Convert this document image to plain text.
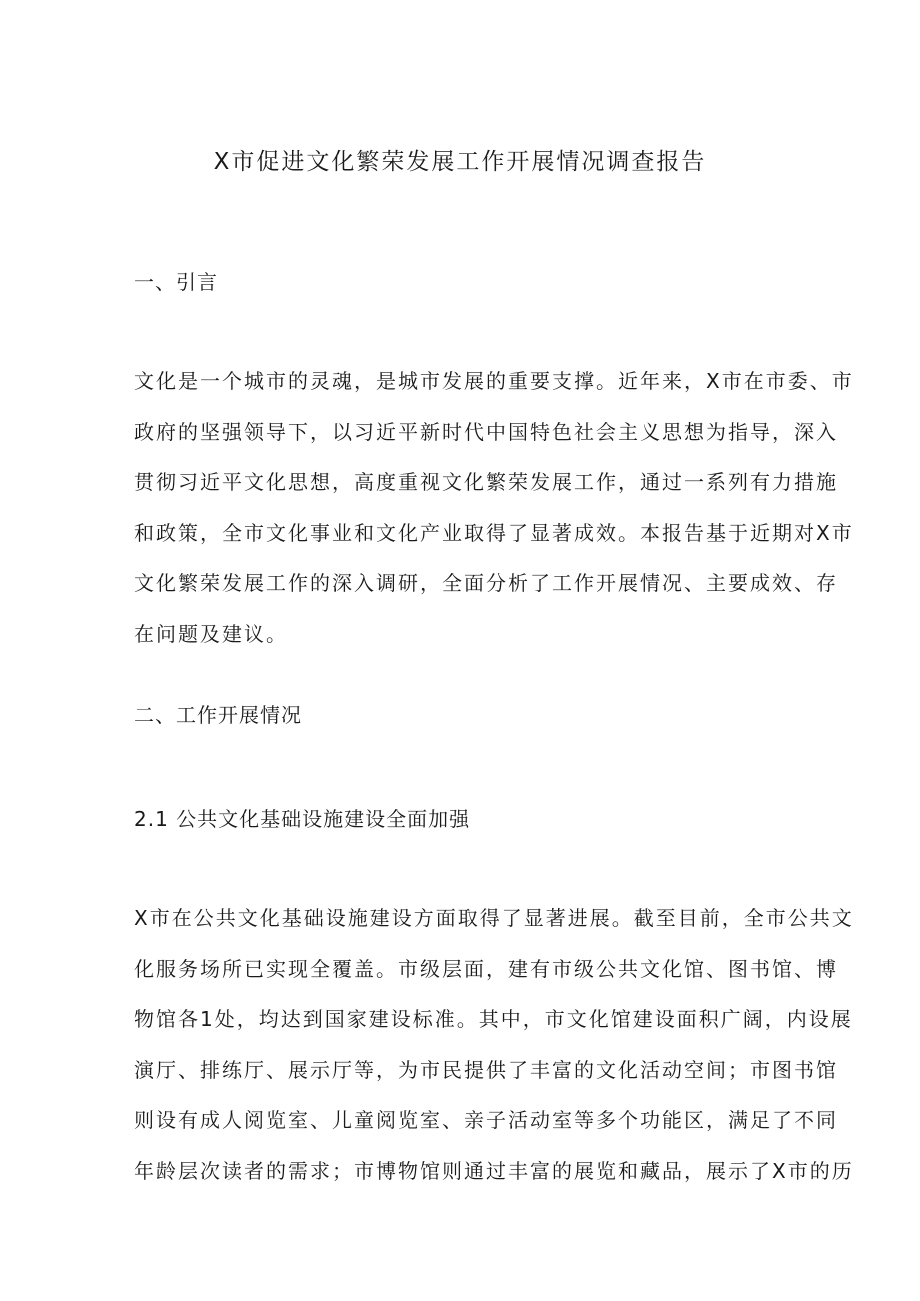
X市促进文化繁荣发展工作开展情况调查报告
一、引言
文化是一个城市的灵魂，是城市发展的重要支撑。近年来，X市在市委、市
政府的坚强领导下，以习近平新时代中国特色社会主义思想为指导，深入
贯彻习近平文化思想，高度重视文化繁荣发展工作，通过一系列有力措施
和政策，全市文化事业和文化产业取得了显著成效。本报告基于近期对X市
文化繁荣发展工作的深入调研，全面分析了工作开展情况、主要成效、存
在问题及建议。
二、工作开展情况
2.1 公共文化基础设施建设全面加强
X市在公共文化基础设施建设方面取得了显著进展。截至目前，全市公共文
化服务场所已实现全覆盖。市级层面，建有市级公共文化馆、图书馆、博
物馆各1处，均达到国家建设标准。其中，市文化馆建设面积广阔，内设展
演厅、排练厅、展示厅等，为市民提供了丰富的文化活动空间；市图书馆
则设有成人阅览室、儿童阅览室、亲子活动室等多个功能区，满足了不同
年龄层次读者的需求；市博物馆则通过丰富的展览和藏品，展示了X市的历
